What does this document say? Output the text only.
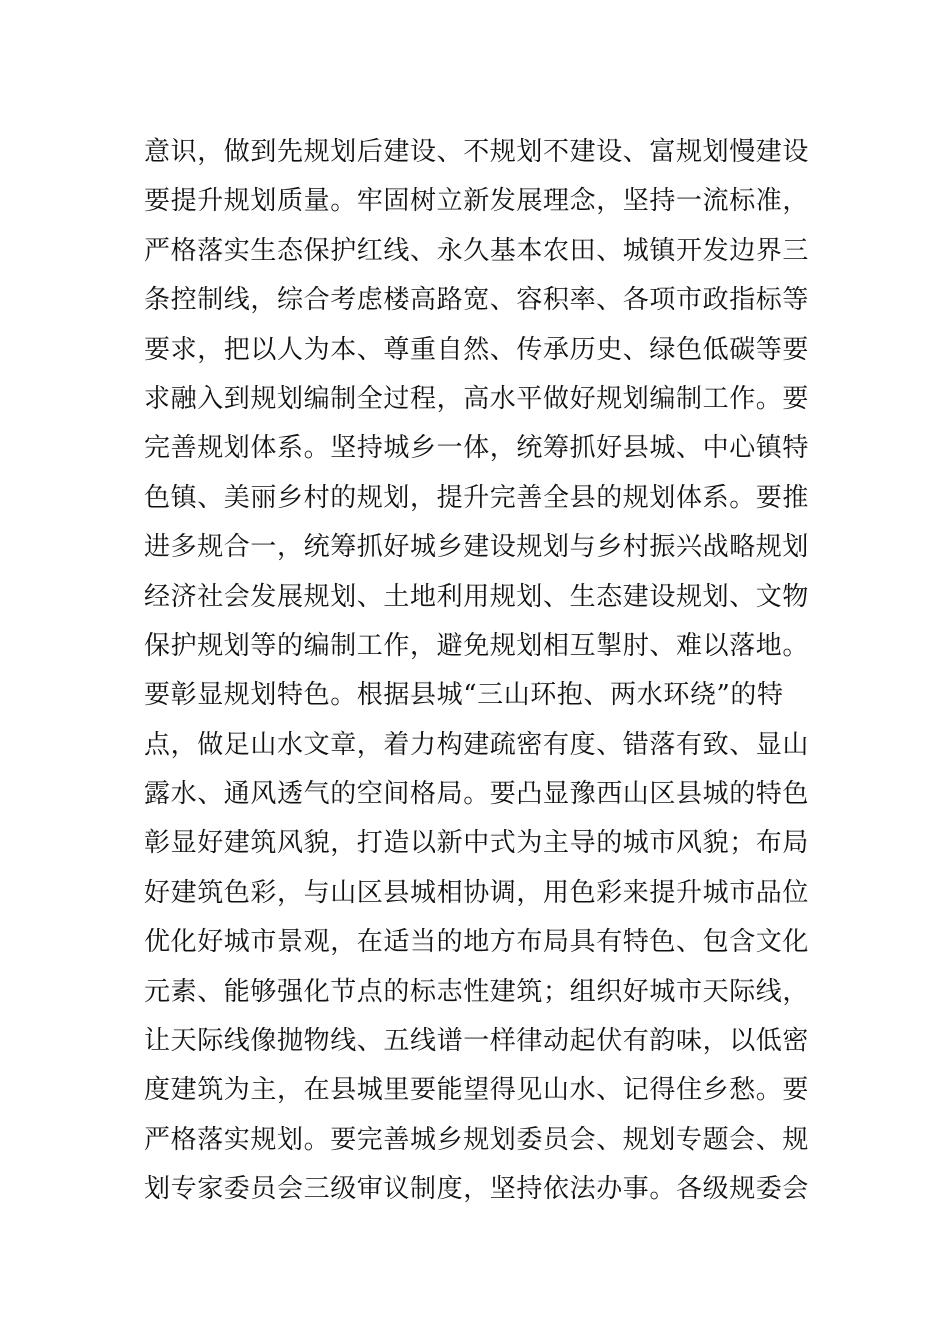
意识，做到先规划后建设、不规划不建设、富规划慢建设
要提升规划质量。牢固树立新发展理念，坚持一流标准，
严格落实生态保护红线、永久基本农田、城镇开发边界三
条控制线，综合考虑楼高路宽、容积率、各项市政指标等
要求，把以人为本、尊重自然、传承历史、绿色低碳等要
求融入到规划编制全过程，高水平做好规划编制工作。要
完善规划体系。坚持城乡一体，统筹抓好县城、中心镇特
色镇、美丽乡村的规划，提升完善全县的规划体系。要推
进多规合一，统筹抓好城乡建设规划与乡村振兴战略规划
经济社会发展规划、土地利用规划、生态建设规划、文物
保护规划等的编制工作，避免规划相互掣肘、难以落地。
要彰显规划特色。根据县城“三山环抱、两水环绕”的特
点，做足山水文章，着力构建疏密有度、错落有致、显山
露水、通风透气的空间格局。要凸显豫西山区县城的特色
彰显好建筑风貌，打造以新中式为主导的城市风貌；布局
好建筑色彩，与山区县城相协调，用色彩来提升城市品位
优化好城市景观，在适当的地方布局具有特色、包含文化
元素、能够强化节点的标志性建筑；组织好城市天际线，
让天际线像抛物线、五线谱一样律动起伏有韵味，以低密
度建筑为主，在县城里要能望得见山水、记得住乡愁。要
严格落实规划。要完善城乡规划委员会、规划专题会、规
划专家委员会三级审议制度，坚持依法办事。各级规委会
